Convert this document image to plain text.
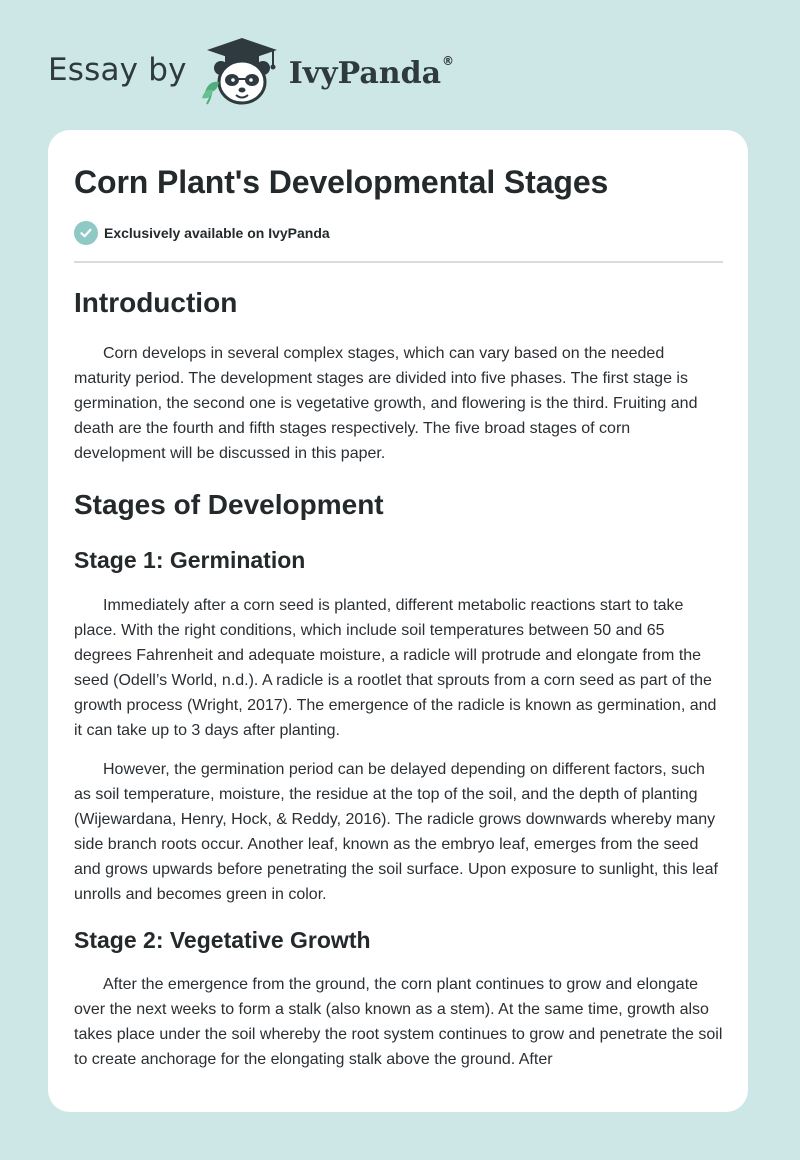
Essay by	IvyPanda®
Corn Plant's Developmental Stages
Exclusively available on IvyPanda
Introduction

Corn develops in several complex stages, which can vary based on the needed maturity period. The development stages are divided into five phases. The first stage is germination, the second one is vegetative growth, and flowering is the third. Fruiting and death are the fourth and fifth stages respectively. The five broad stages of corn development will be discussed in this paper.

Stages of Development
Stage 1: Germination

Immediately after a corn seed is planted, different metabolic reactions start to take place. With the right conditions, which include soil temperatures between 50 and 65 degrees Fahrenheit and adequate moisture, a radicle will protrude and elongate from the seed (Odell’s World, n.d.). A radicle is a rootlet that sprouts from a corn seed as part of the growth process (Wright, 2017). The emergence of the radicle is known as germination, and it can take up to 3 days after planting.

However, the germination period can be delayed depending on different factors, such as soil temperature, moisture, the residue at the top of the soil, and the depth of planting (Wijewardana, Henry, Hock, & Reddy, 2016). The radicle grows downwards whereby many side branch roots occur. Another leaf, known as the embryo leaf, emerges from the seed and grows upwards before penetrating the soil surface. Upon exposure to sunlight, this leaf unrolls and becomes green in color.

Stage 2: Vegetative Growth

After the emergence from the ground, the corn plant continues to grow and elongate over the next weeks to form a stalk (also known as a stem). At the same time, growth also takes place under the soil whereby the root system continues to grow and penetrate the soil to create anchorage for the elongating stalk above the ground. After
